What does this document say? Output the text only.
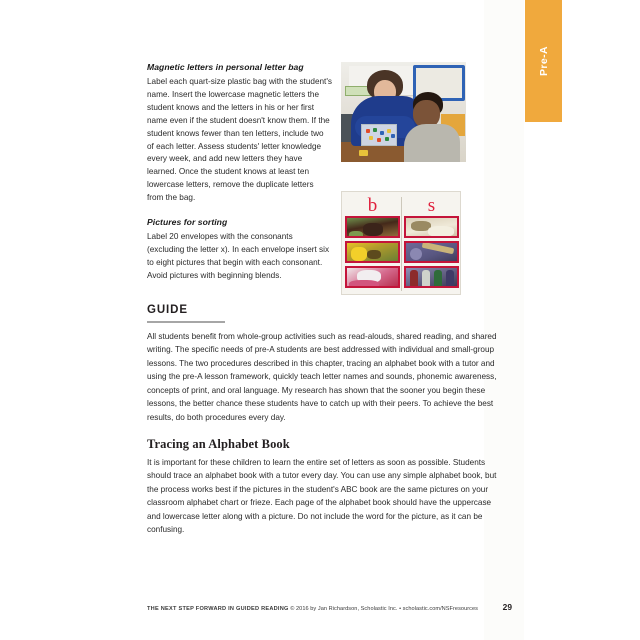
Pre-A
Magnetic letters in personal letter bag

Label each quart-size plastic bag with the student's name. Insert the lowercase magnetic letters the student knows and the letters in his or her first name even if the student doesn't know them. If the student knows fewer than ten letters, include two of each letter. Assess students' letter knowledge every week, and add new letters they have learned. Once the student knows at least ten lowercase letters, remove the duplicate letters from the bag.

Pictures for sorting

Label 20 envelopes with the consonants (excluding the letter x). In each envelope insert six to eight pictures that begin with each consonant. Avoid pictures with beginning blends.

b	s
GUIDE

All students benefit from whole-group activities such as read-alouds, shared reading, and shared writing. The specific needs of pre-A students are best addressed with individual and small-group lessons. The two procedures described in this chapter, tracing an alphabet book with a tutor and using the pre-A lesson framework, quickly teach letter names and sounds, phonemic awareness, concepts of print, and oral language. My research has shown that the sooner you begin these lessons, the better chance these students have to catch up with their peers. To achieve the best results, do both procedures every day.

Tracing an Alphabet Book

It is important for these children to learn the entire set of letters as soon as possible. Students should trace an alphabet book with a tutor every day. You can use any simple alphabet book, but the process works best if the pictures in the student's ABC book are the same pictures on your classroom alphabet chart or frieze. Each page of the alphabet book should have the uppercase and lowercase letter along with a picture. Do not include the word for the picture, as it can be confusing.

THE NEXT STEP FORWARD IN GUIDED READING © 2016 by Jan Richardson, Scholastic Inc. • scholastic.com/NSFresources	29
